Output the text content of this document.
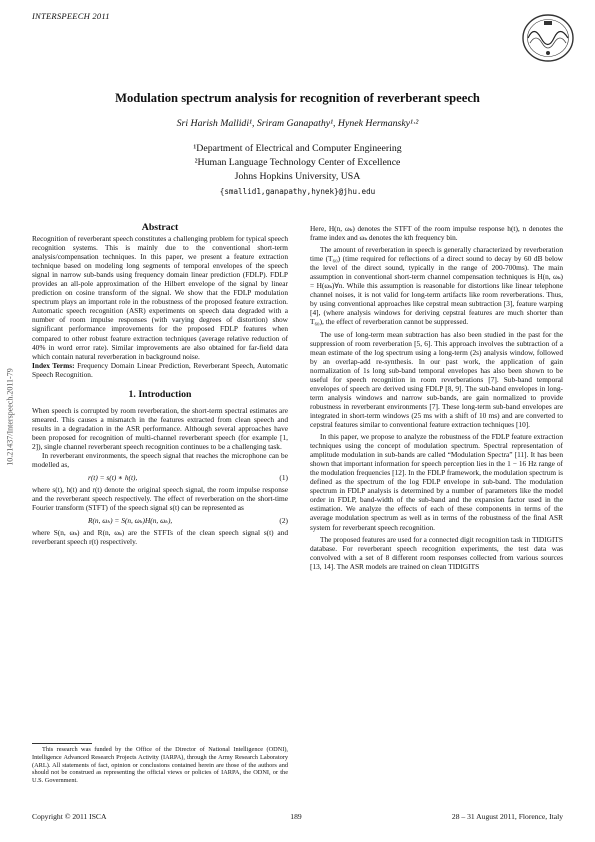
INTERSPEECH 2011
10.21437/Interspeech.2011-79
Modulation spectrum analysis for recognition of reverberant speech
Sri Harish Mallidi¹, Sriram Ganapathy¹, Hynek Hermansky¹·²
¹Department of Electrical and Computer Engineering
²Human Language Technology Center of Excellence
Johns Hopkins University, USA
{smallid1,ganapathy,hynek}@jhu.edu

Abstract

Recognition of reverberant speech constitutes a challenging problem for typical speech recognition systems. This is mainly due to the conventional short-term analysis/compensation techniques. In this paper, we present a feature extraction technique based on modeling long segments of temporal envelopes of the speech signal in narrow sub-bands using frequency domain linear prediction (FDLP). FDLP provides an all-pole approximation of the Hilbert envelope of the signal by linear prediction on cosine transform of the signal. We show that the FDLP modulation spectrum plays an important role in the robustness of the proposed feature extraction. Automatic speech recognition (ASR) experiments on speech data degraded with a number of room impulse responses (with varying degrees of distortion) show significant performance improvements for the proposed FDLP features when compared to other robust feature extraction techniques (average relative reduction of 40% in word error rate). Similar improvements are also obtained for far-field data which contain natural reverberation in background noise.

Index Terms: Frequency Domain Linear Prediction, Reverberant Speech, Automatic Speech Recognition.

1. Introduction

When speech is corrupted by room reverberation, the short-term spectral estimates are smeared. This causes a mismatch in the features extracted from clean speech and results in a degradation in the ASR performance. Although several approaches have been proposed for recognition of multi-channel reverberant speech (for example [1, 2]), single channel reverberant speech recognition continues to be a challenging task.

In reverberant environments, the speech signal that reaches the microphone can be modelled as,

r(t) = s(t) ∗ h(t),	(1)

where s(t), h(t) and r(t) denote the original speech signal, the room impulse response and the reverberant speech respectively. The effect of reverberation on the short-time Fourier transform (STFT) of the speech signal s(t) can be represented as

R(n, ωₖ) = S(n, ωₖ)H(n, ωₖ),	(2)

where S(n, ωₖ) and R(n, ωₖ) are the STFTs of the clean speech signal s(t) and reverberant speech r(t) respectively.

This research was funded by the Office of the Director of National Intelligence (ODNI), Intelligence Advanced Research Projects Activity (IARPA), through the Army Research Laboratory (ARL). All statements of fact, opinion or conclusions contained herein are those of the authors and should not be construed as representing the official views or policies of IARPA, the ODNI, or the U.S. Government.

Here, H(n, ωₖ) denotes the STFT of the room impulse response h(t), n denotes the frame index and ωₖ denotes the kth frequency bin.

The amount of reverberation in speech is generally characterized by reverberation time (T₆₀) (time required for reflections of a direct sound to decay by 60 dB below the level of the direct sound, typically in the range of 200-700ms). The main assumption in conventional short-term channel compensation techniques is H(n, ωₖ) = H(ωₖ)∀n. While this assumption is reasonable for distortions like linear telephone channel noises, it is not valid for long-term artifacts like room reverberations. Thus, by using conventional approaches like cepstral mean subtraction [3], feature warping [4], (where analysis windows for deriving cepstral features are much shorter than T₆₀), the effect of reverberation cannot be suppressed.

The use of long-term mean subtraction has also been studied in the past for the suppression of room reverberation [5, 6]. This approach involves the subtraction of a mean estimate of the log spectrum using a long-term (2s) analysis window, followed by an overlap-add re-synthesis. In our past work, the application of gain normalization of 1s long sub-band temporal envelopes has also been shown to be useful for speech recognition in room reverberations [7]. Sub-band temporal envelopes of speech are derived using FDLP [8, 9]. The sub-band envelopes in long-term analysis windows and narrow sub-bands, are gain normalized to provide robustness in reverberant environments [7]. These long-term sub-band envelopes are integrated in short-term windows (25 ms with a shift of 10 ms) and are converted to cepstral features similar to conventional feature extraction techniques [10].

In this paper, we propose to analyze the robustness of the FDLP feature extraction techniques using the concept of modulation spectrum. Spectral representation of amplitude modulation in sub-bands are called “Modulation Spectra” [11]. It has been shown that important information for speech perception lies in the 1 − 16 Hz range of the modulation frequencies [12]. In the FDLP framework, the modulation spectrum is defined as the spectrum of the log FDLP envelope in sub-band. The modulation spectrum in FDLP analysis is determined by a number of parameters like the model order in FDLP, band-width of the sub-band and the expansion factor used in the estimation. We analyze the effects of each of these components in terms of the average modulation spectrum as well as in terms of the robustness of the final ASR system for reverberant speech recognition.

The proposed features are used for a connected digit recognition task in TIDIGITS database. For reverberant speech recognition experiments, the test data was convolved with a set of 8 different room responses collected from various sources [13, 14]. The ASR models are trained on clean TIDIGITS

Copyright © 2011 ISCA	189	28 – 31 August 2011, Florence, Italy
